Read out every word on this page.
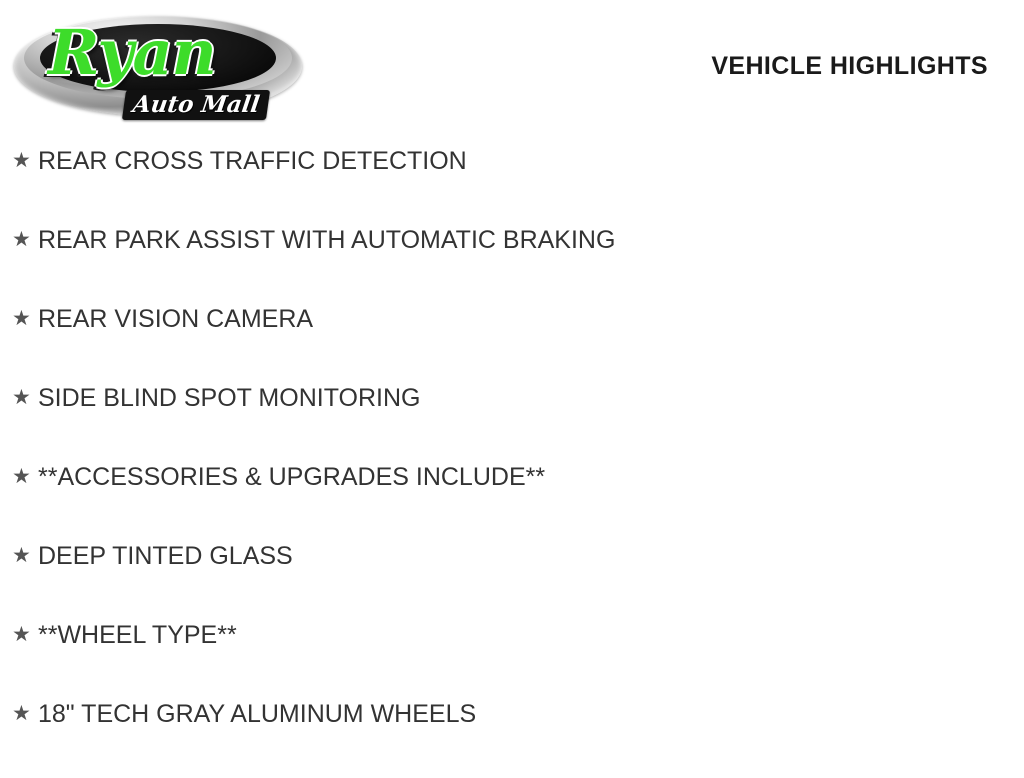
Ryan
Auto Mall
VEHICLE HIGHLIGHTS
★ REAR CROSS TRAFFIC DETECTION
★ REAR PARK ASSIST WITH AUTOMATIC BRAKING
★ REAR VISION CAMERA
★ SIDE BLIND SPOT MONITORING
★ **ACCESSORIES & UPGRADES INCLUDE**
★ DEEP TINTED GLASS
★ **WHEEL TYPE**
★ 18" TECH GRAY ALUMINUM WHEELS
